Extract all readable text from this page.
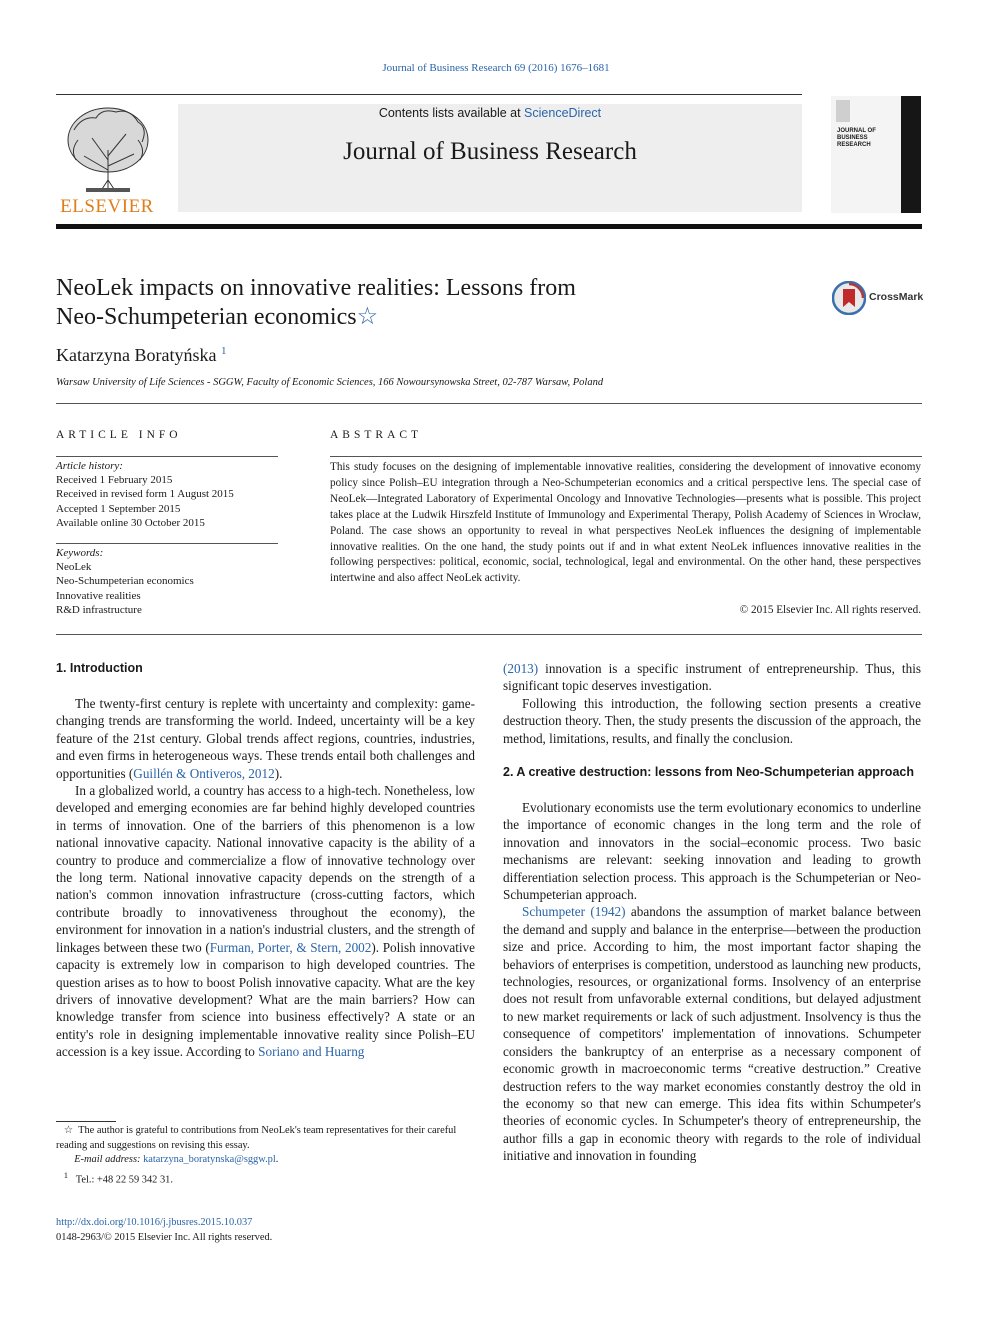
Journal of Business Research 69 (2016) 1676–1681
Contents lists available at ScienceDirect
Journal of Business Research
ELSEVIER
JOURNAL OF BUSINESS RESEARCH
NeoLek impacts on innovative realities: Lessons from
Neo-Schumpeterian economics☆
CrossMark
Katarzyna Boratyńska $^1$
Warsaw University of Life Sciences - SGGW, Faculty of Economic Sciences, 166 Nowoursynowska Street, 02-787 Warsaw, Poland
ARTICLE INFO
Article history:
Received 1 February 2015
Received in revised form 1 August 2015
Accepted 1 September 2015
Available online 30 October 2015
Keywords:
NeoLek
Neo-Schumpeterian economics
Innovative realities
R&D infrastructure
ABSTRACT
This study focuses on the designing of implementable innovative realities, considering the development of innovative economy policy since Polish–EU integration through a Neo-Schumpeterian economics and a critical perspective lens. The special case of NeoLek—Integrated Laboratory of Experimental Oncology and Innovative Technologies—presents what is possible. This project takes place at the Ludwik Hirszfeld Institute of Immunology and Experimental Therapy, Polish Academy of Sciences in Wrocław, Poland. The case shows an opportunity to reveal in what perspectives NeoLek influences the designing of implementable innovative realities. On the one hand, the study points out if and in what extent NeoLek influences innovative realities in the following perspectives: political, economic, social, technological, legal and environmental. On the other hand, these perspectives intertwine and also affect NeoLek activity.
© 2015 Elsevier Inc. All rights reserved.
1. Introduction

The twenty-first century is replete with uncertainty and complexity: game-changing trends are transforming the world. Indeed, uncertainty will be a key feature of the 21st century. Global trends affect regions, countries, industries, and even firms in heterogeneous ways. These trends entail both challenges and opportunities (Guillén & Ontiveros, 2012).

In a globalized world, a country has access to a high-tech. Nonetheless, low developed and emerging economies are far behind highly developed countries in terms of innovation. One of the barriers of this phenomenon is a low national innovative capacity. National innovative capacity is the ability of a country to produce and commercialize a flow of innovative technology over the long term. National innovative capacity depends on the strength of a nation's common innovation infrastructure (cross-cutting factors, which contribute broadly to innovativeness throughout the economy), the environment for innovation in a nation's industrial clusters, and the strength of linkages between these two (Furman, Porter, & Stern, 2002). Polish innovative capacity is extremely low in comparison to high developed countries. The question arises as to how to boost Polish innovative capacity. What are the key drivers of innovative development? What are the main barriers? How can knowledge transfer from science into business effectively? A state or an entity's role in designing implementable innovative reality since Polish–EU accession is a key issue. According to Soriano and Huarng

☆ The author is grateful to contributions from NeoLek's team representatives for their careful reading and suggestions on revising this essay.
E-mail address: katarzyna_boratynska@sggw.pl.
$^1$ Tel.: +48 22 59 342 31.
http://dx.doi.org/10.1016/j.jbusres.2015.10.037
0148-2963/© 2015 Elsevier Inc. All rights reserved.

(2013) innovation is a specific instrument of entrepreneurship. Thus, this significant topic deserves investigation.

Following this introduction, the following section presents a creative destruction theory. Then, the study presents the discussion of the approach, the method, limitations, results, and finally the conclusion.

2. A creative destruction: lessons from Neo-Schumpeterian approach

Evolutionary economists use the term evolutionary economics to underline the importance of economic changes in the long term and the role of innovation and innovators in the social–economic process. Two basic mechanisms are relevant: seeking innovation and leading to growth differentiation selection process. This approach is the Schumpeterian or Neo-Schumpeterian approach.

Schumpeter (1942) abandons the assumption of market balance between the demand and supply and balance in the enterprise—between the production size and price. According to him, the most important factor shaping the behaviors of enterprises is competition, understood as launching new products, technologies, resources, or organizational forms. Insolvency of an enterprise does not result from unfavorable external conditions, but delayed adjustment to new market requirements or lack of such adjustment. Insolvency is thus the consequence of competitors' implementation of innovations. Schumpeter considers the bankruptcy of an enterprise as a necessary component of economic growth in macroeconomic terms “creative destruction.” Creative destruction refers to the way market economies constantly destroy the old in the economy so that new can emerge. This idea fits within Schumpeter's theories of economic cycles. In Schumpeter's theory of entrepreneurship, the author fills a gap in economic theory with regards to the role of individual initiative and innovation in founding
